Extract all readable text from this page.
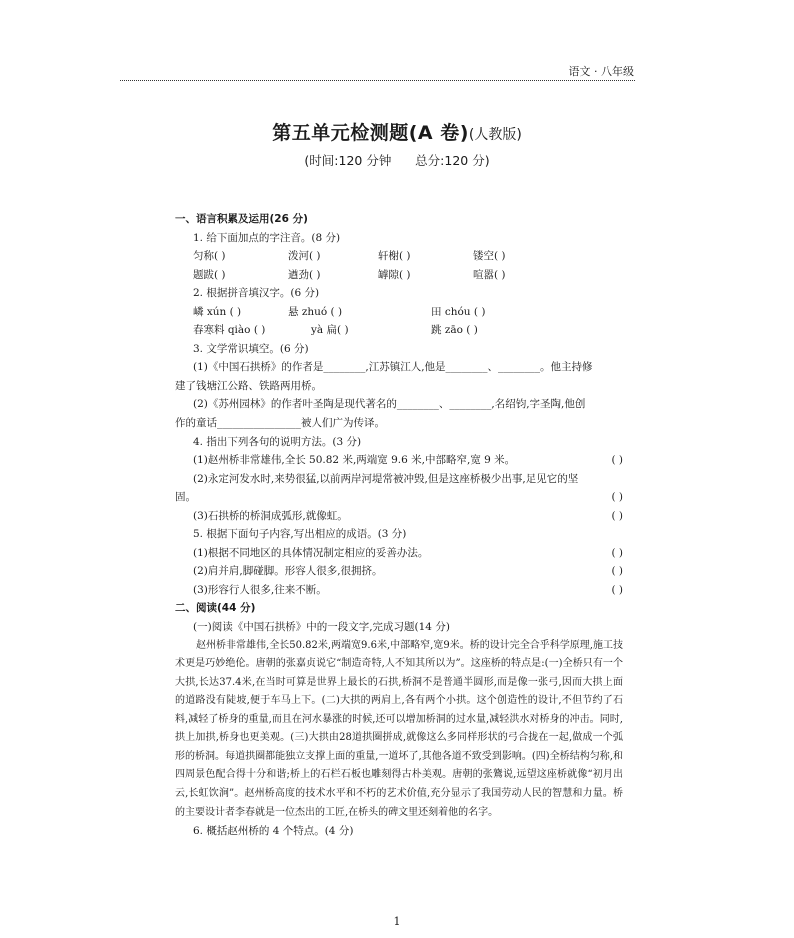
语文 · 八年级
第五单元检测题(A 卷)(人教版)
(时间:120 分钟      总分:120 分)
一、语言积累及运用(26 分)
1. 给下面加点的字注音。(8 分)
匀称( )	泼河( )	轩榭( )	镂空( )
题跋( )	遒劲( )	罅隙( )	喧嚣( )
2. 根据拼音填汉字。(6 分)
嶙 xún ( )	悬 zhuó ( )	田 chóu ( )
春寒料 qiào ( )	yà 扁( )	跳 zāo ( )
3. 文学常识填空。(6 分)
(1)《中国石拱桥》的作者是________,江苏镇江人,他是________、________。他主持修
建了钱塘江公路、铁路两用桥。
(2)《苏州园林》的作者叶圣陶是现代著名的________、________,名绍钧,字圣陶,他创
作的童话________________被人们广为传译。
4. 指出下列各句的说明方法。(3 分)
(1)赵州桥非常雄伟,全长 50.82 米,两端宽 9.6 米,中部略窄,宽 9 米。	( )
(2)永定河发水时,来势很猛,以前两岸河堤常被冲毁,但是这座桥极少出事,足见它的坚
固。	( )
(3)石拱桥的桥洞成弧形,就像虹。	( )
5. 根据下面句子内容,写出相应的成语。(3 分)
(1)根据不同地区的具体情况制定相应的妥善办法。	( )
(2)肩并肩,脚碰脚。形容人很多,很拥挤。	( )
(3)形容行人很多,往来不断。	( )
二、阅读(44 分)
(一)阅读《中国石拱桥》中的一段文字,完成习题(14 分)

赵州桥非常雄伟,全长50.82米,两端宽9.6米,中部略窄,宽9米。桥的设计完全合乎科学原理,施工技术更是巧妙绝伦。唐朝的张嘉贞说它“制造奇特,人不知其所以为”。这座桥的特点是:(一)全桥只有一个大拱,长达37.4米,在当时可算是世界上最长的石拱,桥洞不是普通半圆形,而是像一张弓,因而大拱上面的道路没有陡坡,便于车马上下。(二)大拱的两肩上,各有两个小拱。这个创造性的设计,不但节约了石料,减轻了桥身的重量,而且在河水暴涨的时候,还可以增加桥洞的过水量,减轻洪水对桥身的冲击。同时,拱上加拱,桥身也更美观。(三)大拱由28道拱圈拼成,就像这么多同样形状的弓合拢在一起,做成一个弧形的桥洞。每道拱圈都能独立支撑上面的重量,一道坏了,其他各道不致受到影响。(四)全桥结构匀称,和四周景色配合得十分和谐;桥上的石栏石板也雕刻得古朴美观。唐朝的张鷟说,远望这座桥就像“初月出云,长虹饮涧”。赵州桥高度的技术水平和不朽的艺术价值,充分显示了我国劳动人民的智慧和力量。桥的主要设计者李春就是一位杰出的工匠,在桥头的碑文里还刻着他的名字。

6. 概括赵州桥的 4 个特点。(4 分)
1
